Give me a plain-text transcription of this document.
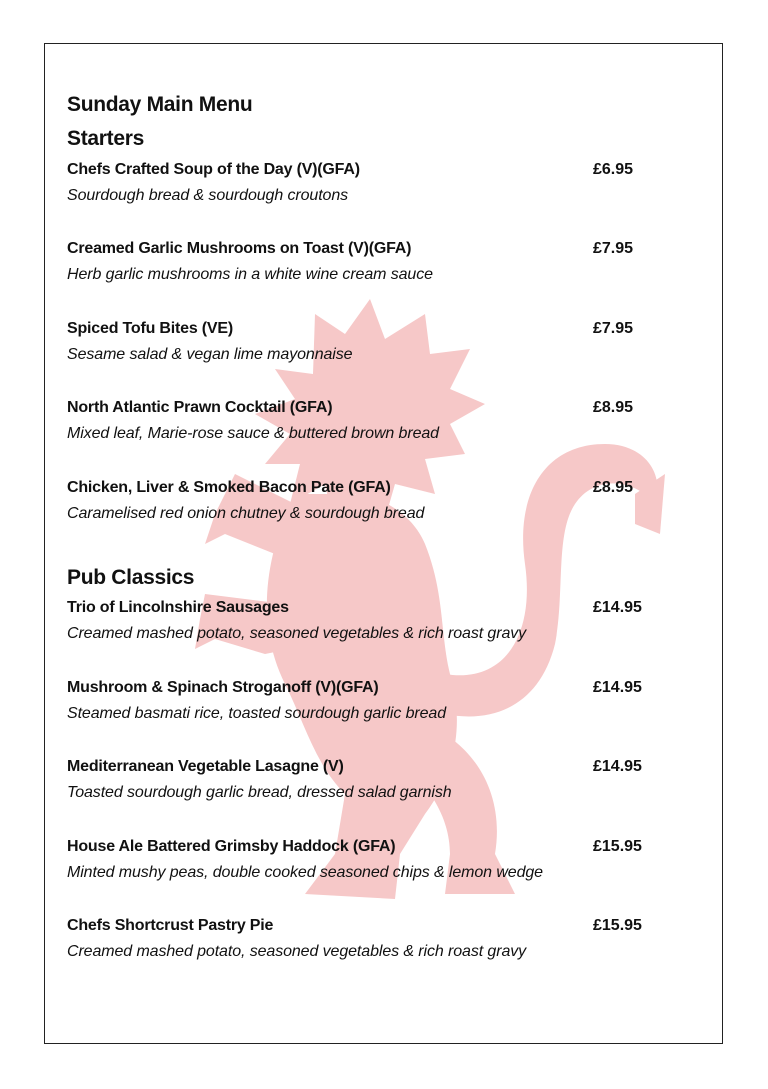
Sunday Main Menu
Starters
Chefs Crafted Soup of the Day (V)(GFA)	£6.95
Sourdough bread & sourdough croutons
Creamed Garlic Mushrooms on Toast (V)(GFA)	£7.95
Herb garlic mushrooms in a white wine cream sauce
Spiced Tofu Bites (VE)	£7.95
Sesame salad & vegan lime mayonnaise
North Atlantic Prawn Cocktail (GFA)	£8.95
Mixed leaf, Marie-rose sauce & buttered brown bread
Chicken, Liver & Smoked Bacon Pate (GFA)	£8.95
Caramelised red onion chutney & sourdough bread
Pub Classics
Trio of Lincolnshire Sausages	£14.95
Creamed mashed potato, seasoned vegetables & rich roast gravy
Mushroom & Spinach Stroganoff (V)(GFA)	£14.95
Steamed basmati rice, toasted sourdough garlic bread
Mediterranean Vegetable Lasagne (V)	£14.95
Toasted sourdough garlic bread, dressed salad garnish
House Ale Battered Grimsby Haddock (GFA)	£15.95
Minted mushy peas, double cooked seasoned chips & lemon wedge
Chefs Shortcrust Pastry Pie	£15.95
Creamed mashed potato, seasoned vegetables & rich roast gravy
